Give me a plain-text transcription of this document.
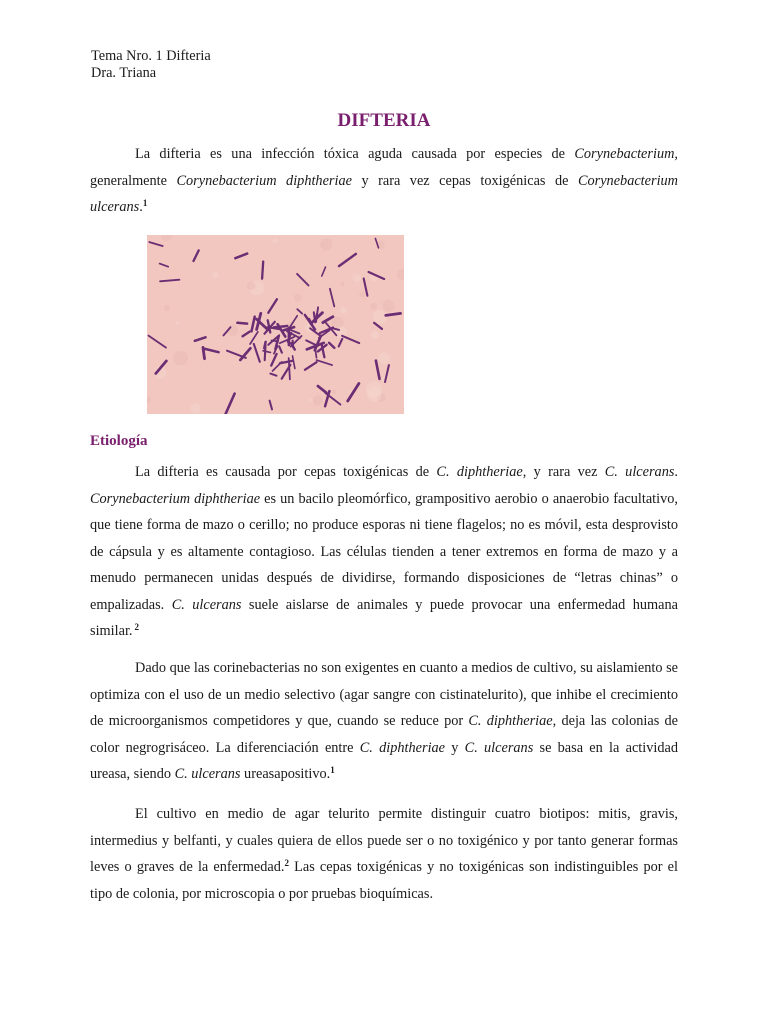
Tema Nro. 1 Difteria
Dra. Triana
DIFTERIA

La difteria es una infección tóxica aguda causada por especies de Corynebacterium, generalmente Corynebacterium diphtheriae y rara vez cepas toxigénicas de Corynebacterium ulcerans.$^1$

Etiología

La difteria es causada por cepas toxigénicas de C. diphtheriae, y rara vez C. ulcerans. Corynebacterium diphtheriae es un bacilo pleomórfico, grampositivo aerobio o anaerobio facultativo, que tiene forma de mazo o cerillo; no produce esporas ni tiene flagelos; no es móvil, esta desprovisto de cápsula y es altamente contagioso. Las células tienden a tener extremos en forma de mazo y a menudo permanecen unidas después de dividirse, formando disposiciones de “letras chinas” o empalizadas. C. ulcerans suele aislarse de animales y puede provocar una enfermedad humana similar. $^2$

Dado que las corinebacterias no son exigentes en cuanto a medios de cultivo, su aislamiento se optimiza con el uso de un medio selectivo (agar sangre con cistinatelurito), que inhibe el crecimiento de microorganismos competidores y que, cuando se reduce por C. diphtheriae, deja las colonias de color negrogrisáceo. La diferenciación entre C. diphtheriae y C. ulcerans se basa en la actividad ureasa, siendo C. ulcerans ureasapositivo.$^1$

El cultivo en medio de agar telurito permite distinguir cuatro biotipos: mitis, gravis, intermedius y belfanti, y cuales quiera de ellos puede ser o no toxigénico y por tanto generar formas leves o graves de la enfermedad.$^2$ Las cepas toxigénicas y no toxigénicas son indistinguibles por el tipo de colonia, por microscopia o por pruebas bioquímicas.
